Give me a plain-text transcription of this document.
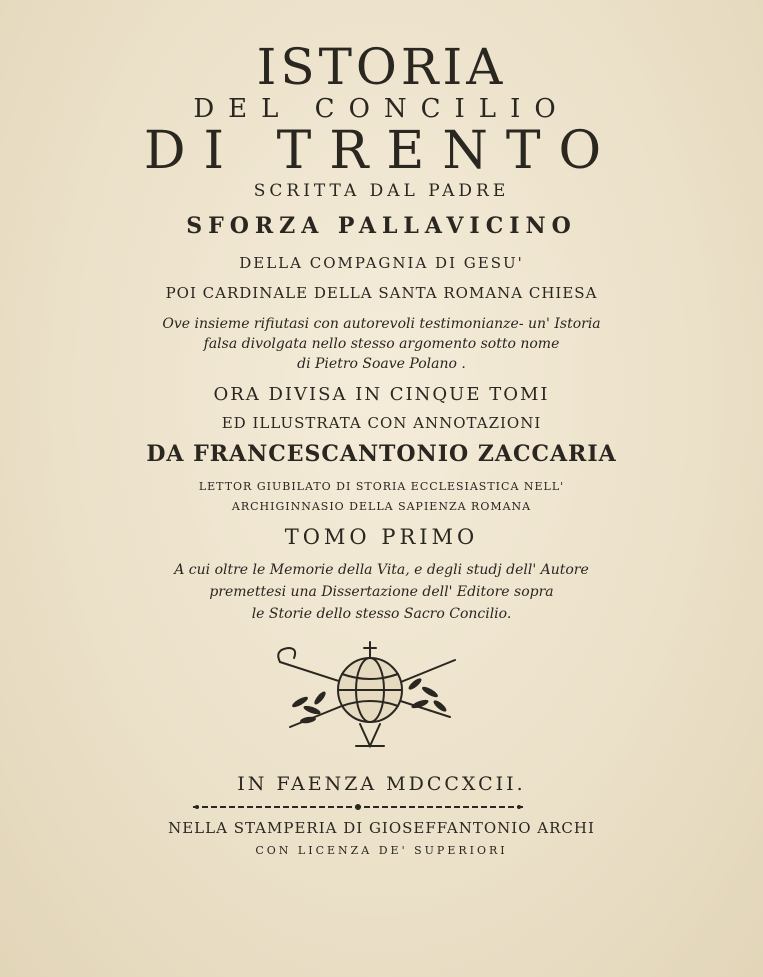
ISTORIA
DEL CONCILIO
DI TRENTO
SCRITTA DAL PADRE
SFORZA PALLAVICINO
DELLA COMPAGNIA DI GESU'
POI CARDINALE DELLA SANTA ROMANA CHIESA
Ove insieme rifiutasi con autorevoli testimonianze- un' Istoria
falsa divolgata nello stesso argomento sotto nome
di Pietro Soave Polano .
ORA DIVISA IN CINQUE TOMI
ED ILLUSTRATA CON ANNOTAZIONI
DA FRANCESCANTONIO ZACCARIA
LETTOR GIUBILATO DI STORIA ECCLESIASTICA NELL'
ARCHIGINNASIO DELLA SAPIENZA ROMANA
TOMO PRIMO
A cui oltre le Memorie della Vita, e degli studj dell' Autore
premettesi una Dissertazione dell' Editore sopra
le Storie dello stesso Sacro Concilio.
IN FAENZA MDCCXCII.
NELLA STAMPERIA DI GIOSEFFANTONIO ARCHI
CON LICENZA DE' SUPERIORI
